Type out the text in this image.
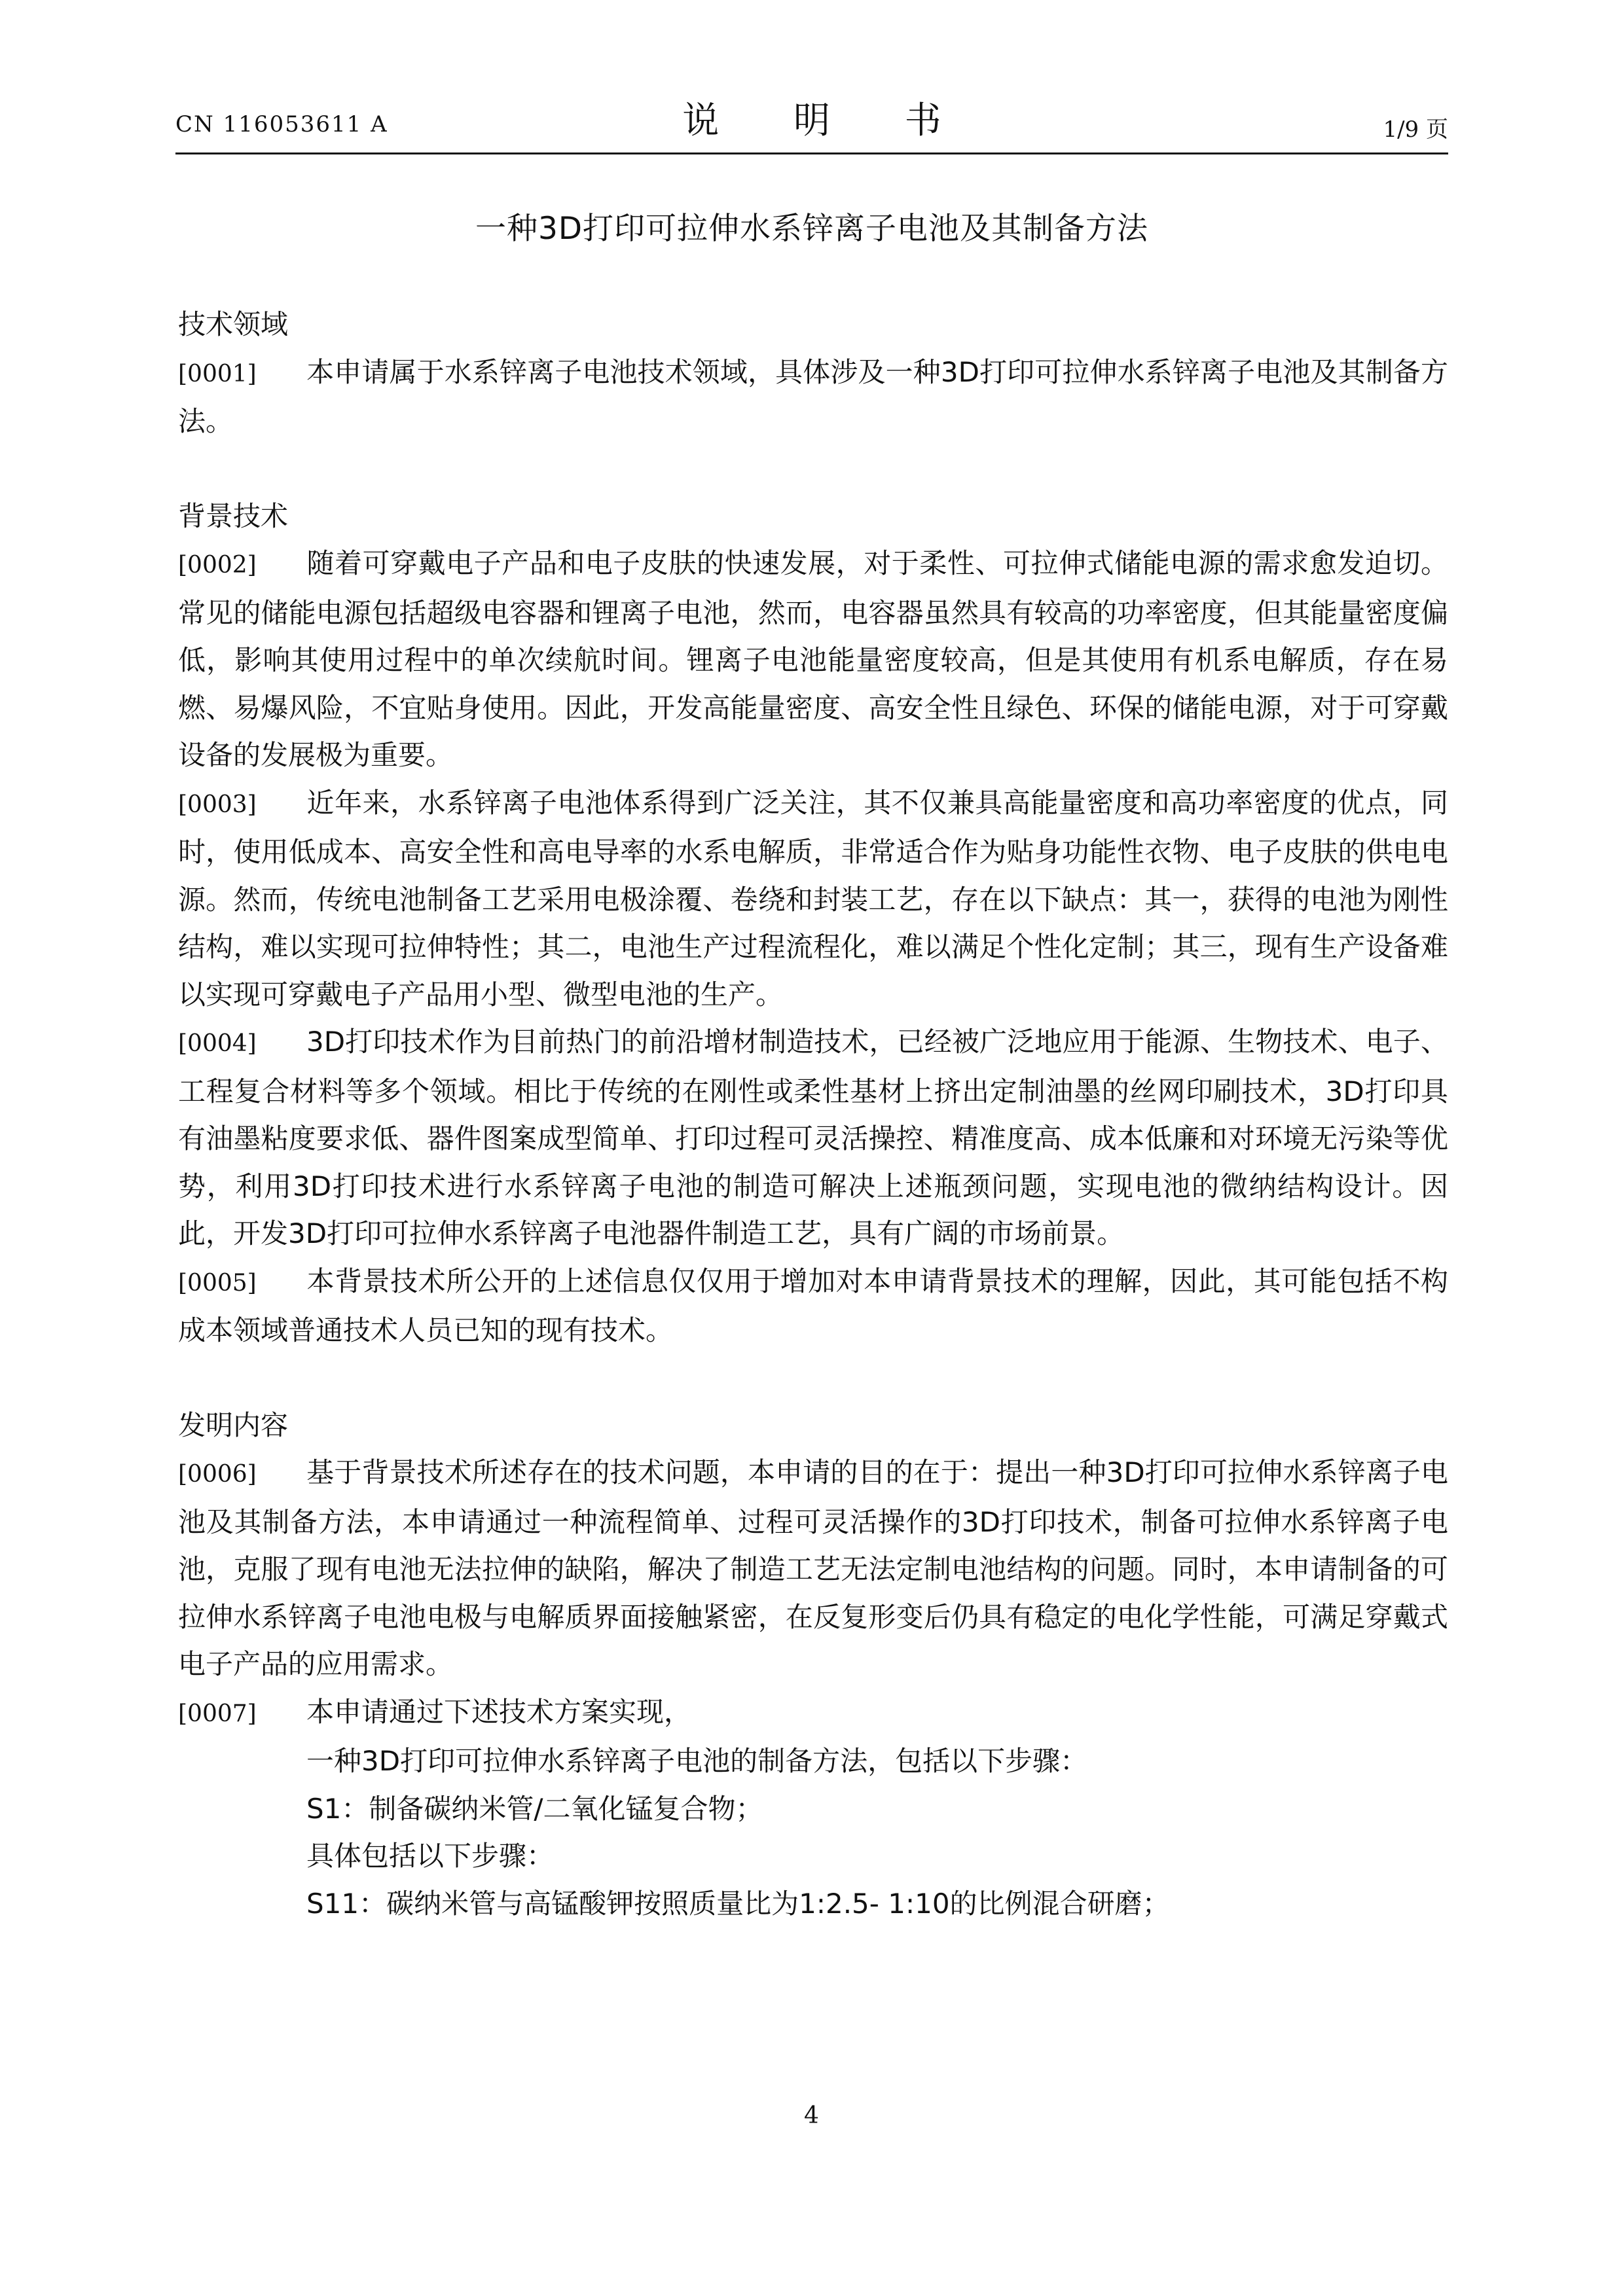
CN 116053611 A	说 明 书	1/9 页
一种3D打印可拉伸水系锌离子电池及其制备方法

技术领域

[0001] 本申请属于水系锌离子电池技术领域，具体涉及一种3D打印可拉伸水系锌离子电池及其制备方法。

背景技术

[0002] 随着可穿戴电子产品和电子皮肤的快速发展，对于柔性、可拉伸式储能电源的需求愈发迫切。常见的储能电源包括超级电容器和锂离子电池，然而，电容器虽然具有较高的功率密度，但其能量密度偏低，影响其使用过程中的单次续航时间。锂离子电池能量密度较高，但是其使用有机系电解质，存在易燃、易爆风险，不宜贴身使用。因此，开发高能量密度、高安全性且绿色、环保的储能电源，对于可穿戴设备的发展极为重要。

[0003] 近年来，水系锌离子电池体系得到广泛关注，其不仅兼具高能量密度和高功率密度的优点，同时，使用低成本、高安全性和高电导率的水系电解质，非常适合作为贴身功能性衣物、电子皮肤的供电电源。然而，传统电池制备工艺采用电极涂覆、卷绕和封装工艺，存在以下缺点：其一，获得的电池为刚性结构，难以实现可拉伸特性；其二，电池生产过程流程化，难以满足个性化定制；其三，现有生产设备难以实现可穿戴电子产品用小型、微型电池的生产。

[0004] 3D打印技术作为目前热门的前沿增材制造技术，已经被广泛地应用于能源、生物技术、电子、工程复合材料等多个领域。相比于传统的在刚性或柔性基材上挤出定制油墨的丝网印刷技术，3D打印具有油墨粘度要求低、器件图案成型简单、打印过程可灵活操控、精准度高、成本低廉和对环境无污染等优势，利用3D打印技术进行水系锌离子电池的制造可解决上述瓶颈问题，实现电池的微纳结构设计。因此，开发3D打印可拉伸水系锌离子电池器件制造工艺，具有广阔的市场前景。

[0005] 本背景技术所公开的上述信息仅仅用于增加对本申请背景技术的理解，因此，其可能包括不构成本领域普通技术人员已知的现有技术。

发明内容

[0006] 基于背景技术所述存在的技术问题，本申请的目的在于：提出一种3D打印可拉伸水系锌离子电池及其制备方法，本申请通过一种流程简单、过程可灵活操作的3D打印技术，制备可拉伸水系锌离子电池，克服了现有电池无法拉伸的缺陷，解决了制造工艺无法定制电池结构的问题。同时，本申请制备的可拉伸水系锌离子电池电极与电解质界面接触紧密，在反复形变后仍具有稳定的电化学性能，可满足穿戴式电子产品的应用需求。

[0007] 本申请通过下述技术方案实现，

一种3D打印可拉伸水系锌离子电池的制备方法，包括以下步骤：

S1：制备碳纳米管/二氧化锰复合物；

具体包括以下步骤：

S11：碳纳米管与高锰酸钾按照质量比为1:2.5- 1:10的比例混合研磨；

4
